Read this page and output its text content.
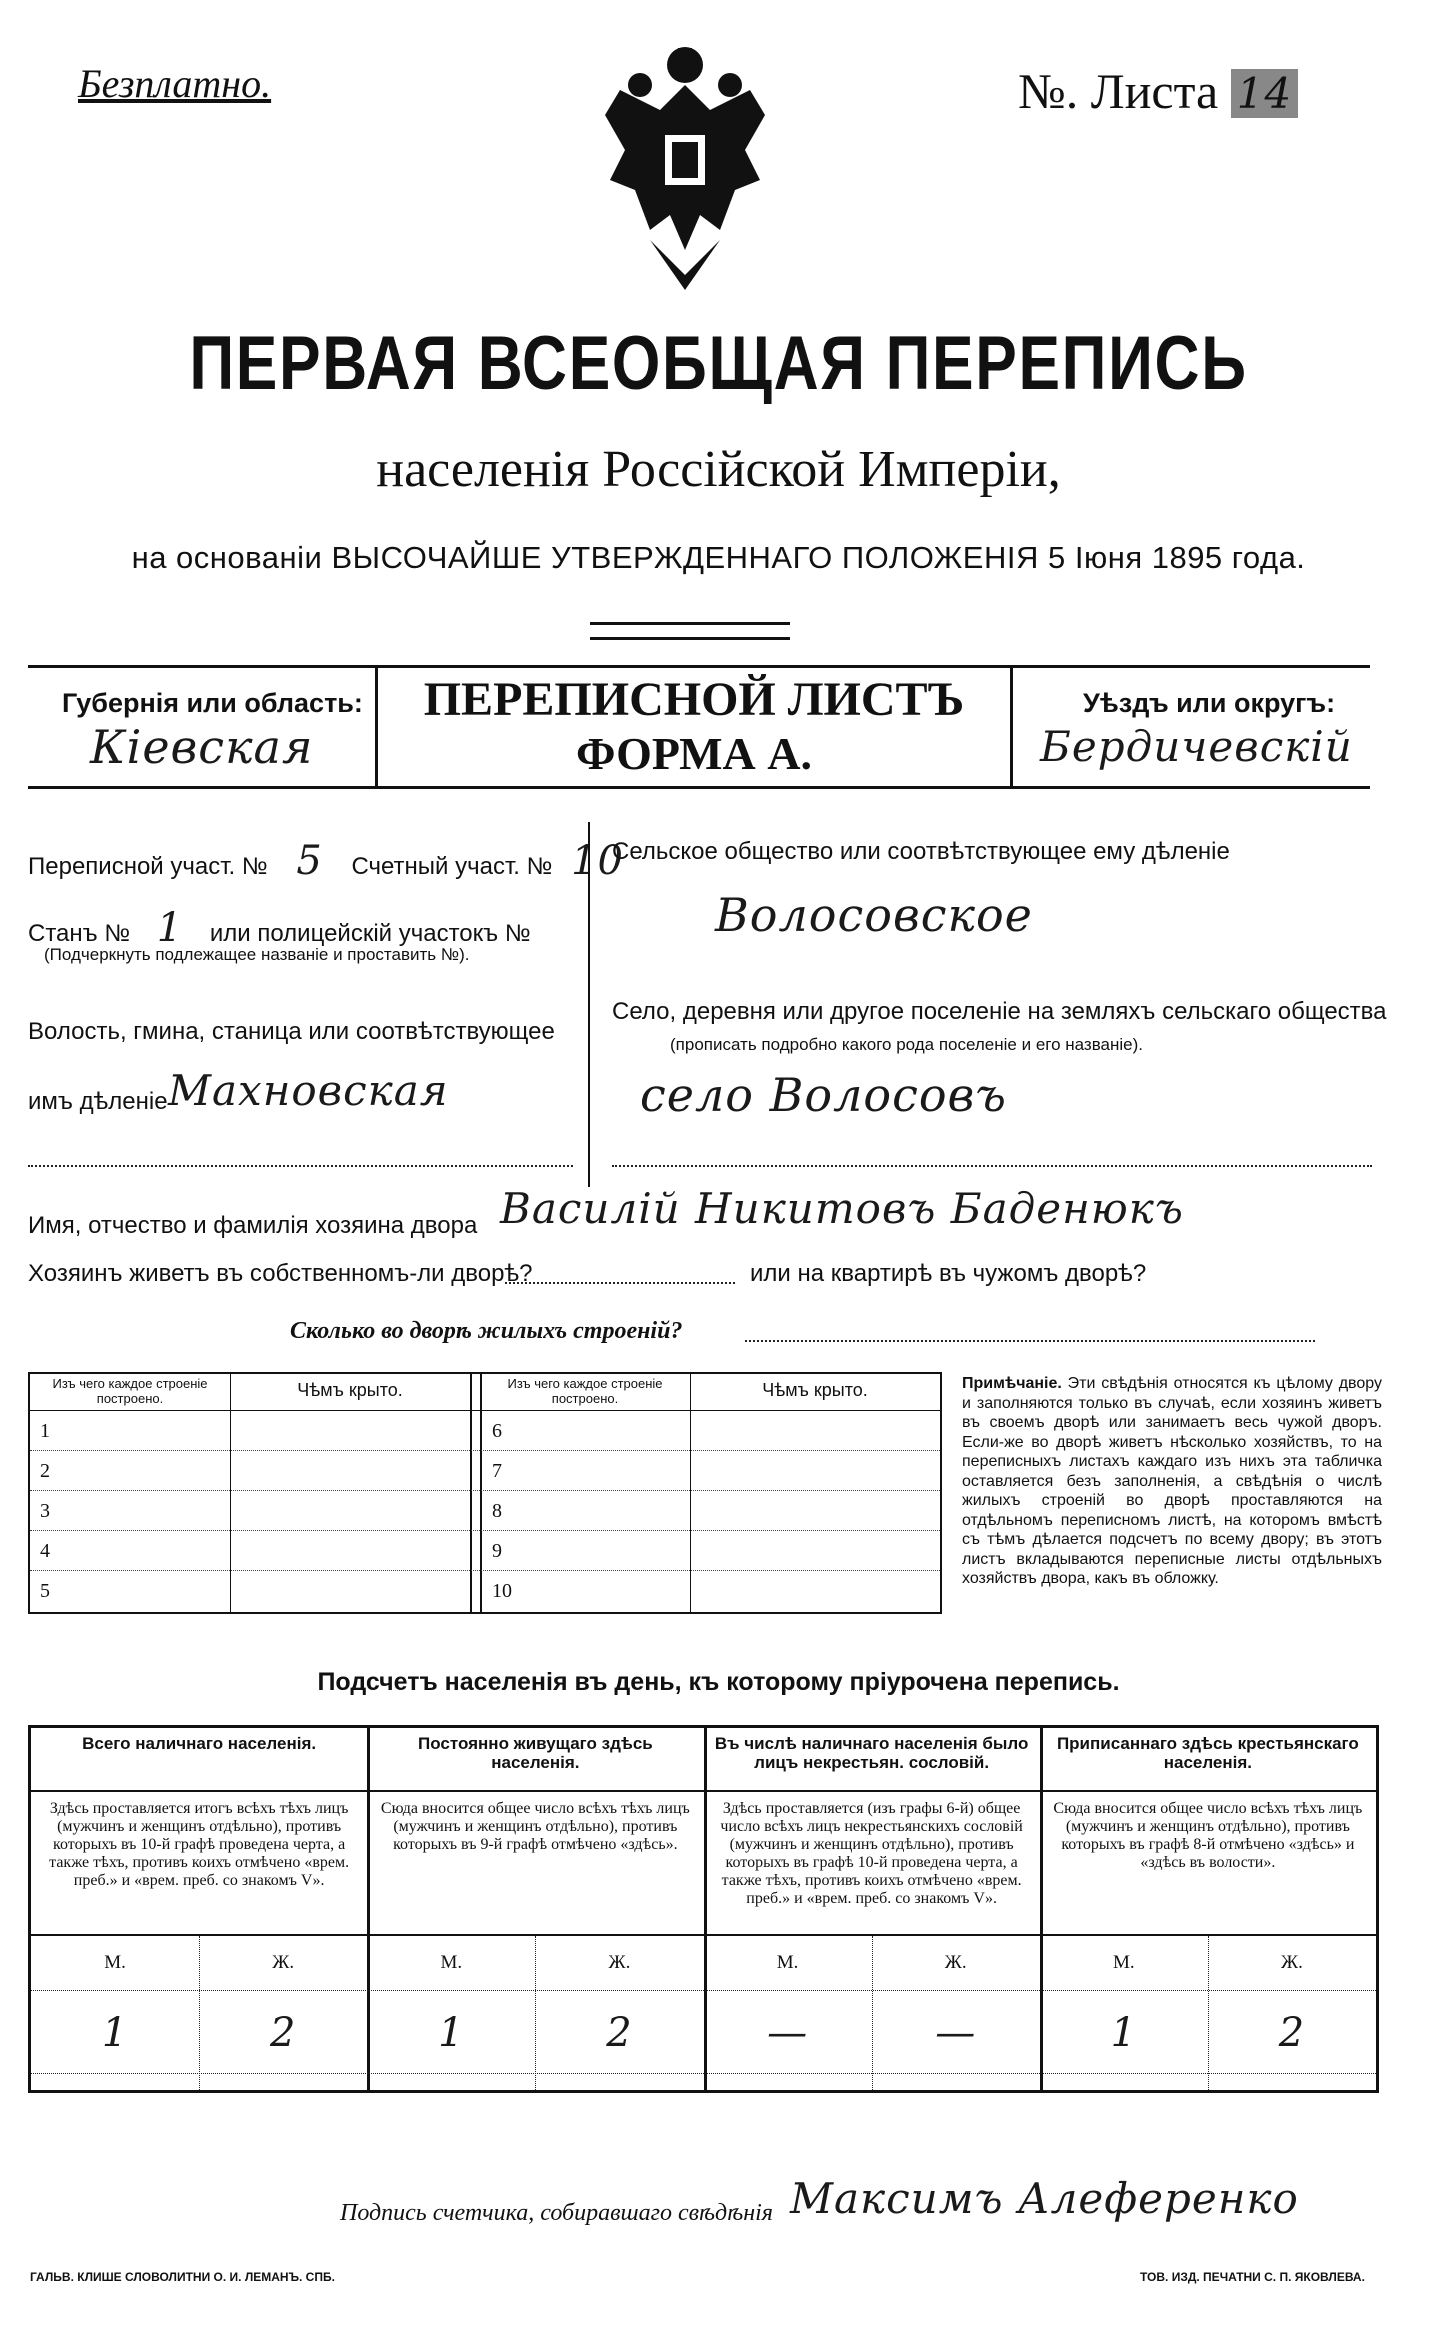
Безплатно.	№. Листа 14
ПЕРВАЯ ВСЕОБЩАЯ ПЕРЕПИСЬ
населенія Россійской Имперіи,
на основаніи ВЫСОЧАЙШЕ УТВЕРЖДЕННАГО ПОЛОЖЕНІЯ 5 Іюня 1895 года.
Губернія или область:
Кіевская
ПЕРЕПИСНОЙ ЛИСТЪ
ФОРМА А.
Уѣздъ или округъ:
Бердичевскій
Переписной участ. № 5 Счетный участ. № 10
Станъ № 1 или полицейскій участокъ №
(Подчеркнуть подлежащее названіе и проставить №).
Волость, гмина, станица или соотвѣтствующее
имъ дѣленіе Махновская
Сельское общество или соотвѣтствующее ему дѣленіе
Волосовское
Село, деревня или другое поселеніе на земляхъ сельскаго общества
(прописать подробно какого рода поселеніе и его названіе).
село Волосовъ
Имя, отчество и фамилія хозяина двора Василій Никитовъ Баденюкъ
Хозяинъ живетъ въ собственномъ-ли дворѣ?	или на квартирѣ въ чужомъ дворѣ?
Сколько во дворѣ жилыхъ строеній?
Изъ чего каждое строеніе построено.	Чѣмъ крыто.	Изъ чего каждое строеніе построено.	Чѣмъ крыто.
1	6
2	7
3	8
4	9
5	10
Примѣчаніе. Эти свѣдѣнія относятся къ цѣлому двору и заполняются только въ случаѣ, если хозяинъ живетъ въ своемъ дворѣ или занимаетъ весь чужой дворъ. Если-же во дворѣ живетъ нѣсколько хозяйствъ, то на переписныхъ листахъ каждаго изъ нихъ эта табличка оставляется безъ заполненія, а свѣдѣнія о числѣ жилыхъ строеній во дворѣ проставляются на отдѣльномъ переписномъ листѣ, на которомъ вмѣстѣ съ тѣмъ дѣлается подсчетъ по всему двору; въ этотъ листъ вкладываются переписные листы отдѣльныхъ хозяйствъ двора, какъ въ обложку.
Подсчетъ населенія въ день, къ которому пріурочена перепись.
Всего наличнаго населенія.
Здѣсь проставляется итогъ всѣхъ тѣхъ лицъ (мужчинъ и женщинъ отдѣльно), противъ которыхъ въ 10-й графѣ проведена черта, а также тѣхъ, противъ коихъ отмѣчено «врем. преб.» и «врем. преб. со знакомъ V».
М.	Ж.
1	2
Постоянно живущаго здѣсь населенія.
Сюда вносится общее число всѣхъ тѣхъ лицъ (мужчинъ и женщинъ отдѣльно), противъ которыхъ въ 9-й графѣ отмѣчено «здѣсь».
М.	Ж.
1	2
Въ числѣ наличнаго населенія было лицъ некрестьян. сословій.
Здѣсь проставляется (изъ графы 6-й) общее число всѣхъ лицъ некрестьянскихъ сословій (мужчинъ и женщинъ отдѣльно), противъ которыхъ въ графѣ 10-й проведена черта, а также тѣхъ, противъ коихъ отмѣчено «врем. преб.» и «врем. преб. со знакомъ V».
М.	Ж.
—	—
Приписаннаго здѣсь крестьянскаго населенія.
Сюда вносится общее число всѣхъ тѣхъ лицъ (мужчинъ и женщинъ отдѣльно), противъ которыхъ въ графѣ 8-й отмѣчено «здѣсь» и «здѣсь въ волости».
М.	Ж.
1	2
Подпись счетчика, собиравшаго свѣдѣнія Максимъ Алеференко
ГАЛЬВ. КЛИШЕ СЛОВОЛИТНИ О. И. ЛЕМАНЪ. СПБ.	ТОВ. ИЗД. ПЕЧАТНИ С. П. ЯКОВЛЕВА.
